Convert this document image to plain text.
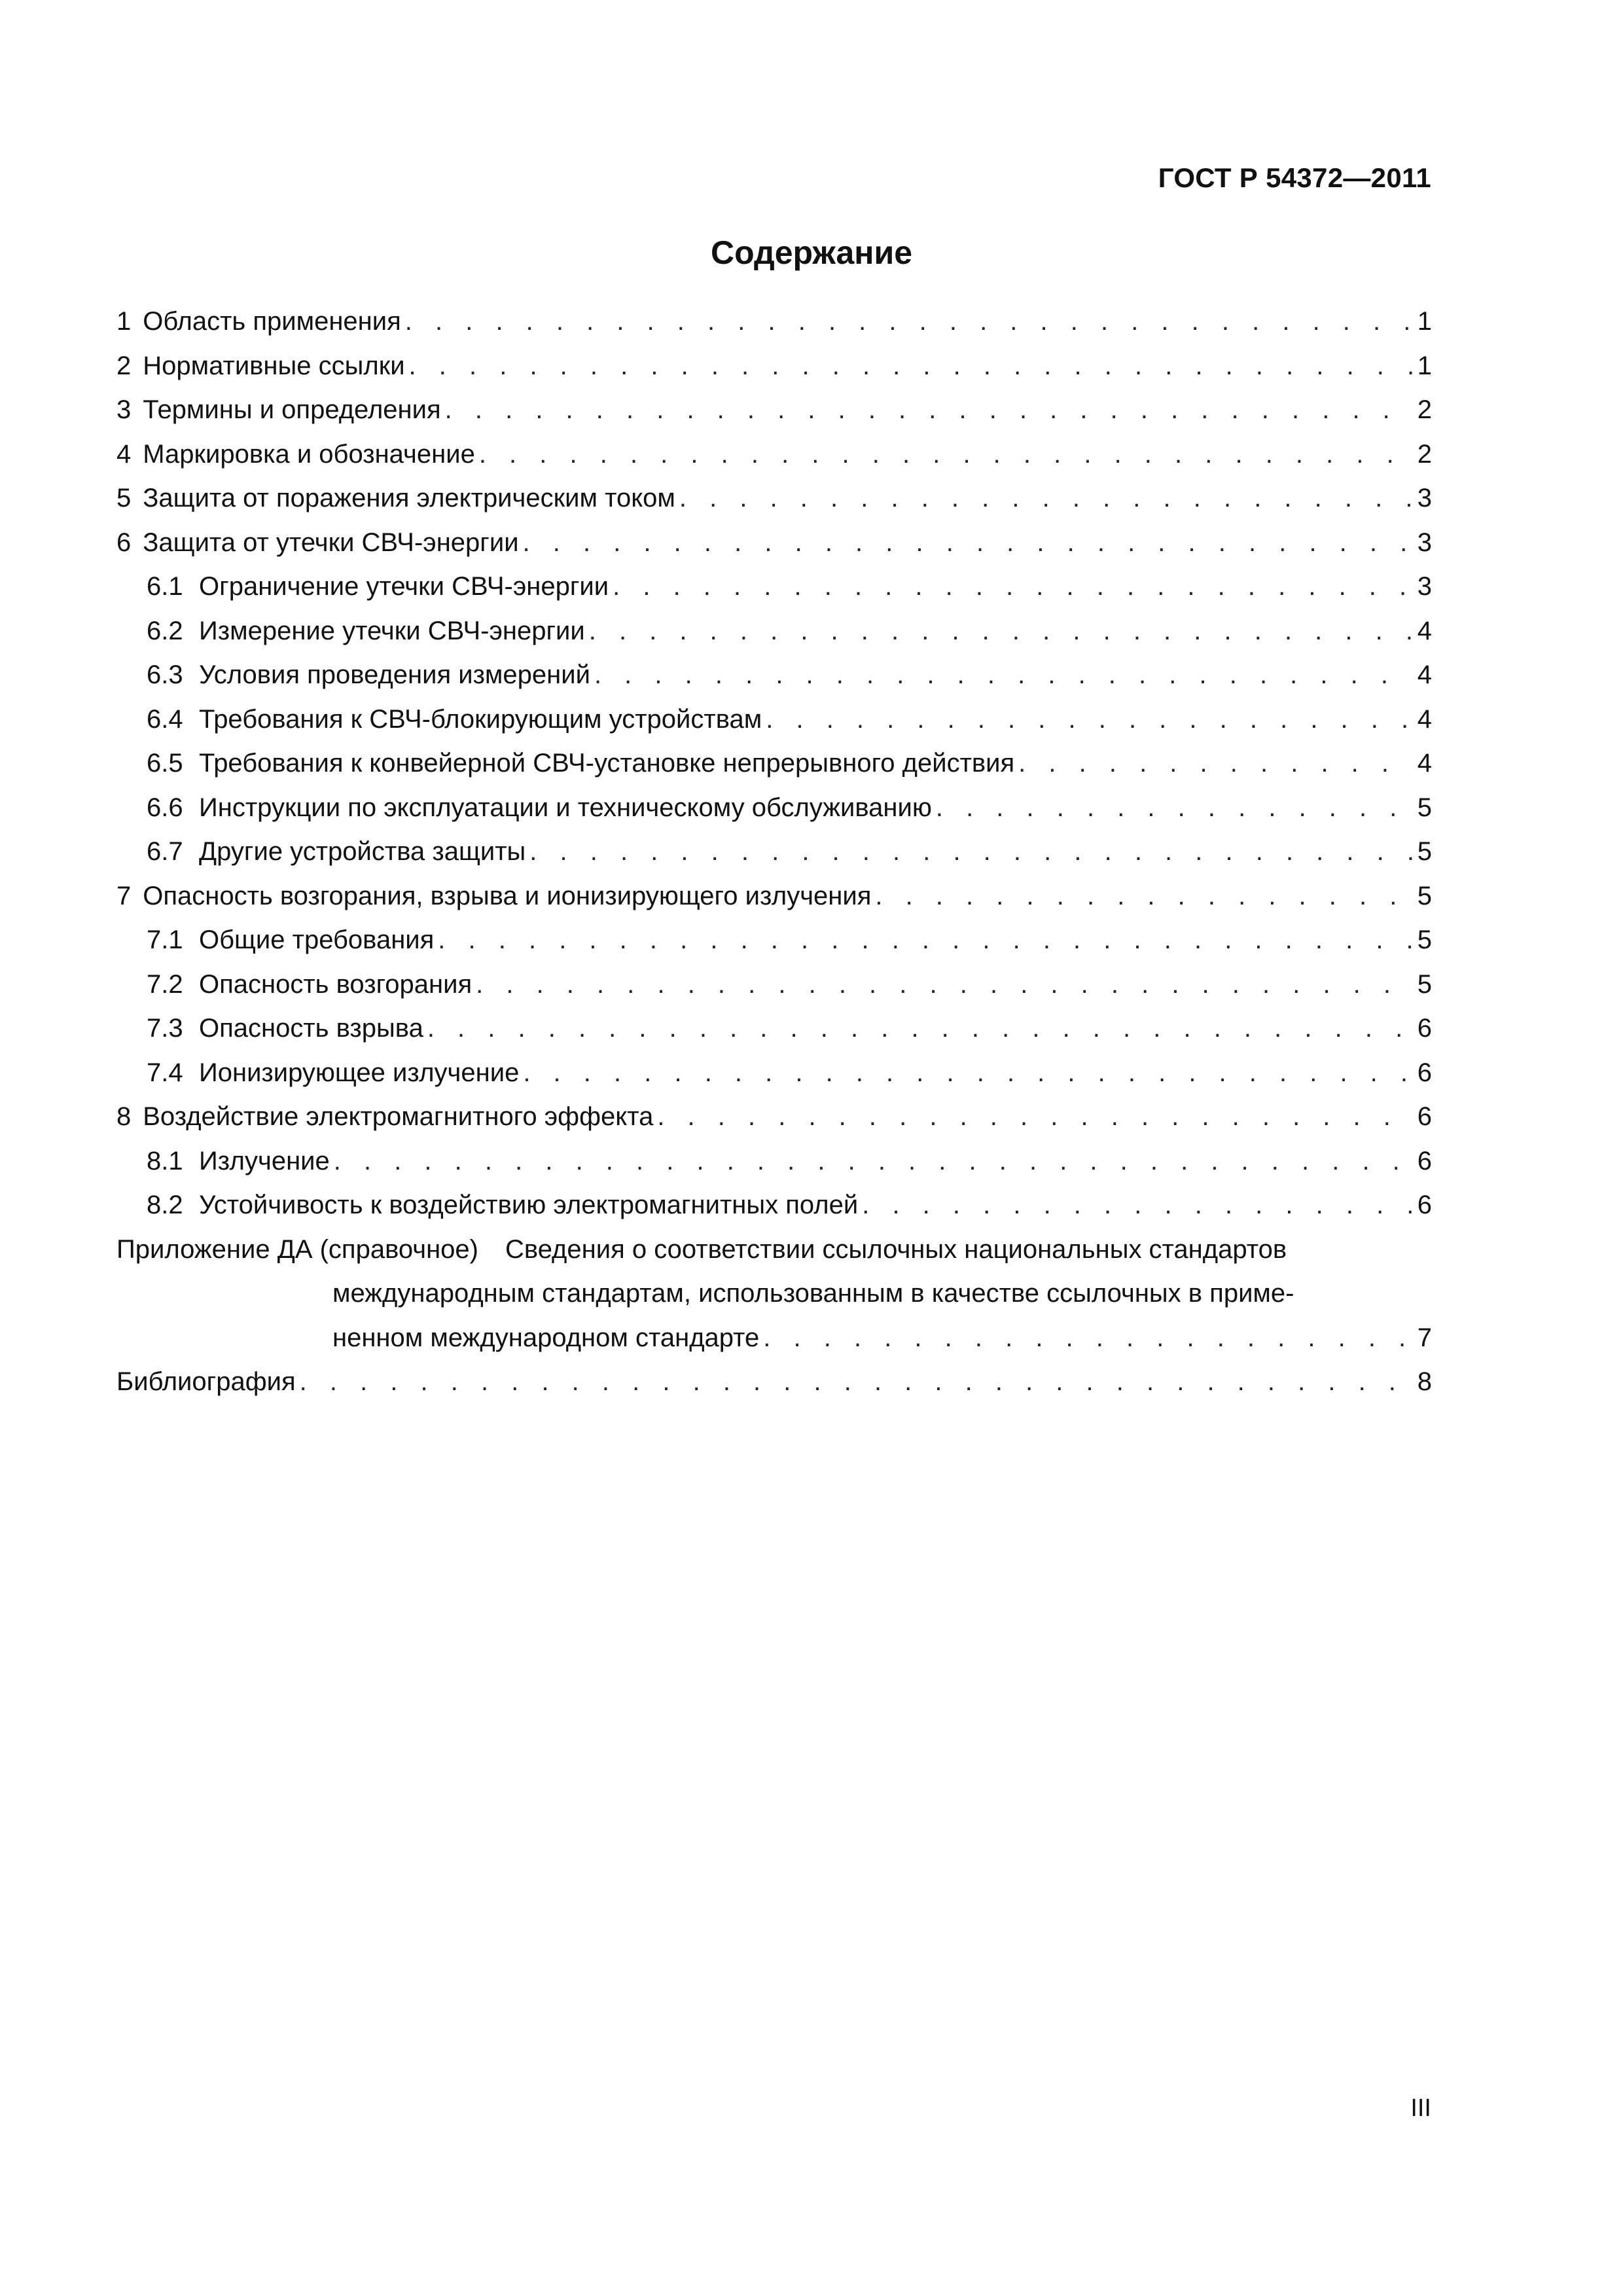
ГОСТ Р 54372—2011
Содержание
1 Область применения . . .	1
2 Нормативные ссылки . . .	1
3 Термины и определения . . .	2
4 Маркировка и обозначение . . .	2
5 Защита от поражения электрическим током . . .	3
6 Защита от утечки СВЧ-энергии . . .	3
6.1 Ограничение утечки СВЧ-энергии . . .	3
6.2 Измерение утечки СВЧ-энергии . . .	4
6.3 Условия проведения измерений . . .	4
6.4 Требования к СВЧ-блокирующим устройствам . . .	4
6.5 Требования к конвейерной СВЧ-установке непрерывного действия . . .	4
6.6 Инструкции по эксплуатации и техническому обслуживанию . . .	5
6.7 Другие устройства защиты . . .	5
7 Опасность возгорания, взрыва и ионизирующего излучения . . .	5
7.1 Общие требования . . .	5
7.2 Опасность возгорания . . .	5
7.3 Опасность взрыва . . .	6
7.4 Ионизирующее излучение . . .	6
8 Воздействие электромагнитного эффекта . . .	6
8.1 Излучение . . .	6
8.2 Устойчивость к воздействию электромагнитных полей . . .	6
Приложение ДА (справочное) Сведения о соответствии ссылочных национальных стандартов
международным стандартам, использованным в качестве ссылочных в приме-
ненном международном стандарте . . .	7
Библиография . . .	8
III
